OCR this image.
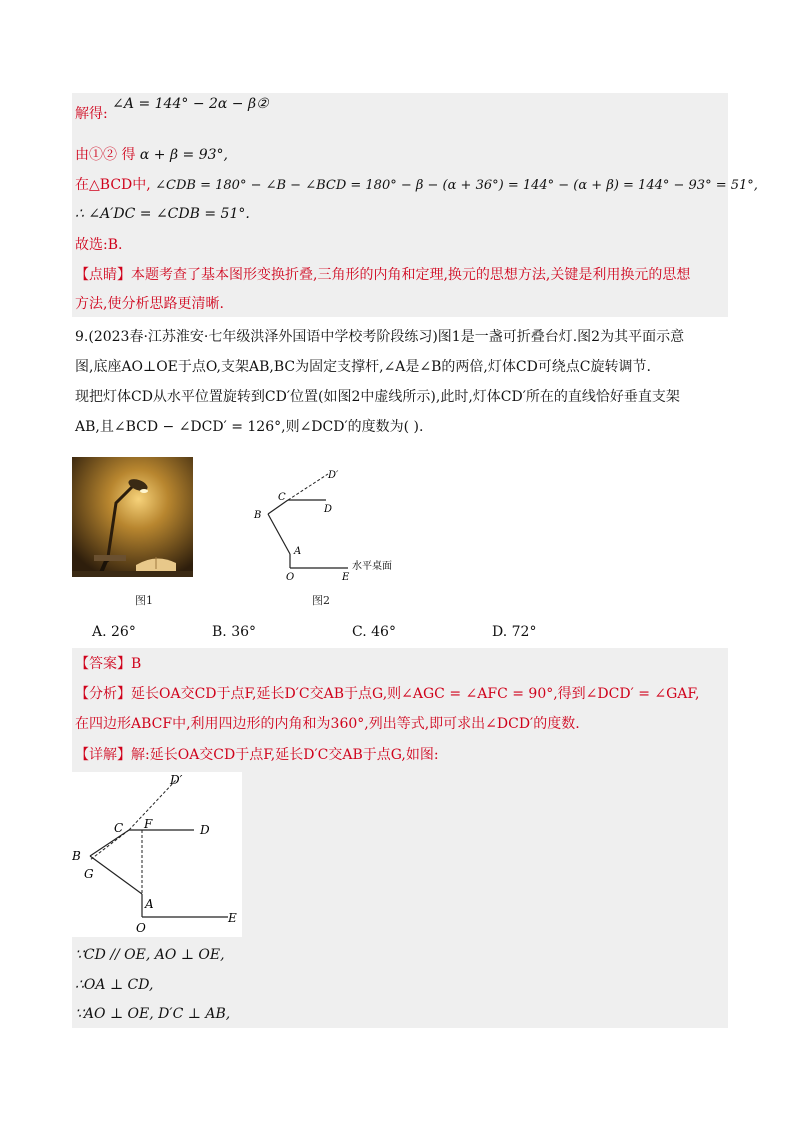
解得: ∠A = 144° − 2α − β②
由①② 得 α + β = 93°,
在△BCD中, ∠CDB = 180° − ∠B − ∠BCD = 180° − β − (α + 36°) = 144° − (α + β) = 144° − 93° = 51°,
∴ ∠A′DC = ∠CDB = 51°.
故选:B.
【点睛】本题考查了基本图形变换折叠,三角形的内角和定理,换元的思想方法,关键是利用换元的思想
方法,使分析思路更清晰.
9.(2023春·江苏淮安·七年级洪泽外国语中学校考阶段练习)图1是一盏可折叠台灯.图2为其平面示意
图,底座AO⊥OE于点O,支架AB,BC为固定支撑杆,∠A是∠B的两倍,灯体CD可绕点C旋转调节.
现把灯体CD从水平位置旋转到CD′位置(如图2中虚线所示),此时,灯体CD′所在的直线恰好垂直支架
AB,且∠BCD − ∠DCD′ = 126°,则∠DCD′的度数为( ).
图1
D′
C
D
B
A
O	E
水平桌面
图2
A. 26°	B. 36°	C. 46°	D. 72°
【答案】B
【分析】延长OA交CD于点F,延长D′C交AB于点G,则∠AGC = ∠AFC = 90°,得到∠DCD′ = ∠GAF,
在四边形ABCF中,利用四边形的内角和为360°,列出等式,即可求出∠DCD′的度数.
【详解】解:延长OA交CD于点F,延长D′C交AB于点G,如图:
D′
C F	D
B
G
A
O
E
∵CD // OE, AO ⊥ OE,
∴OA ⊥ CD,
∵AO ⊥ OE, D′C ⊥ AB,
